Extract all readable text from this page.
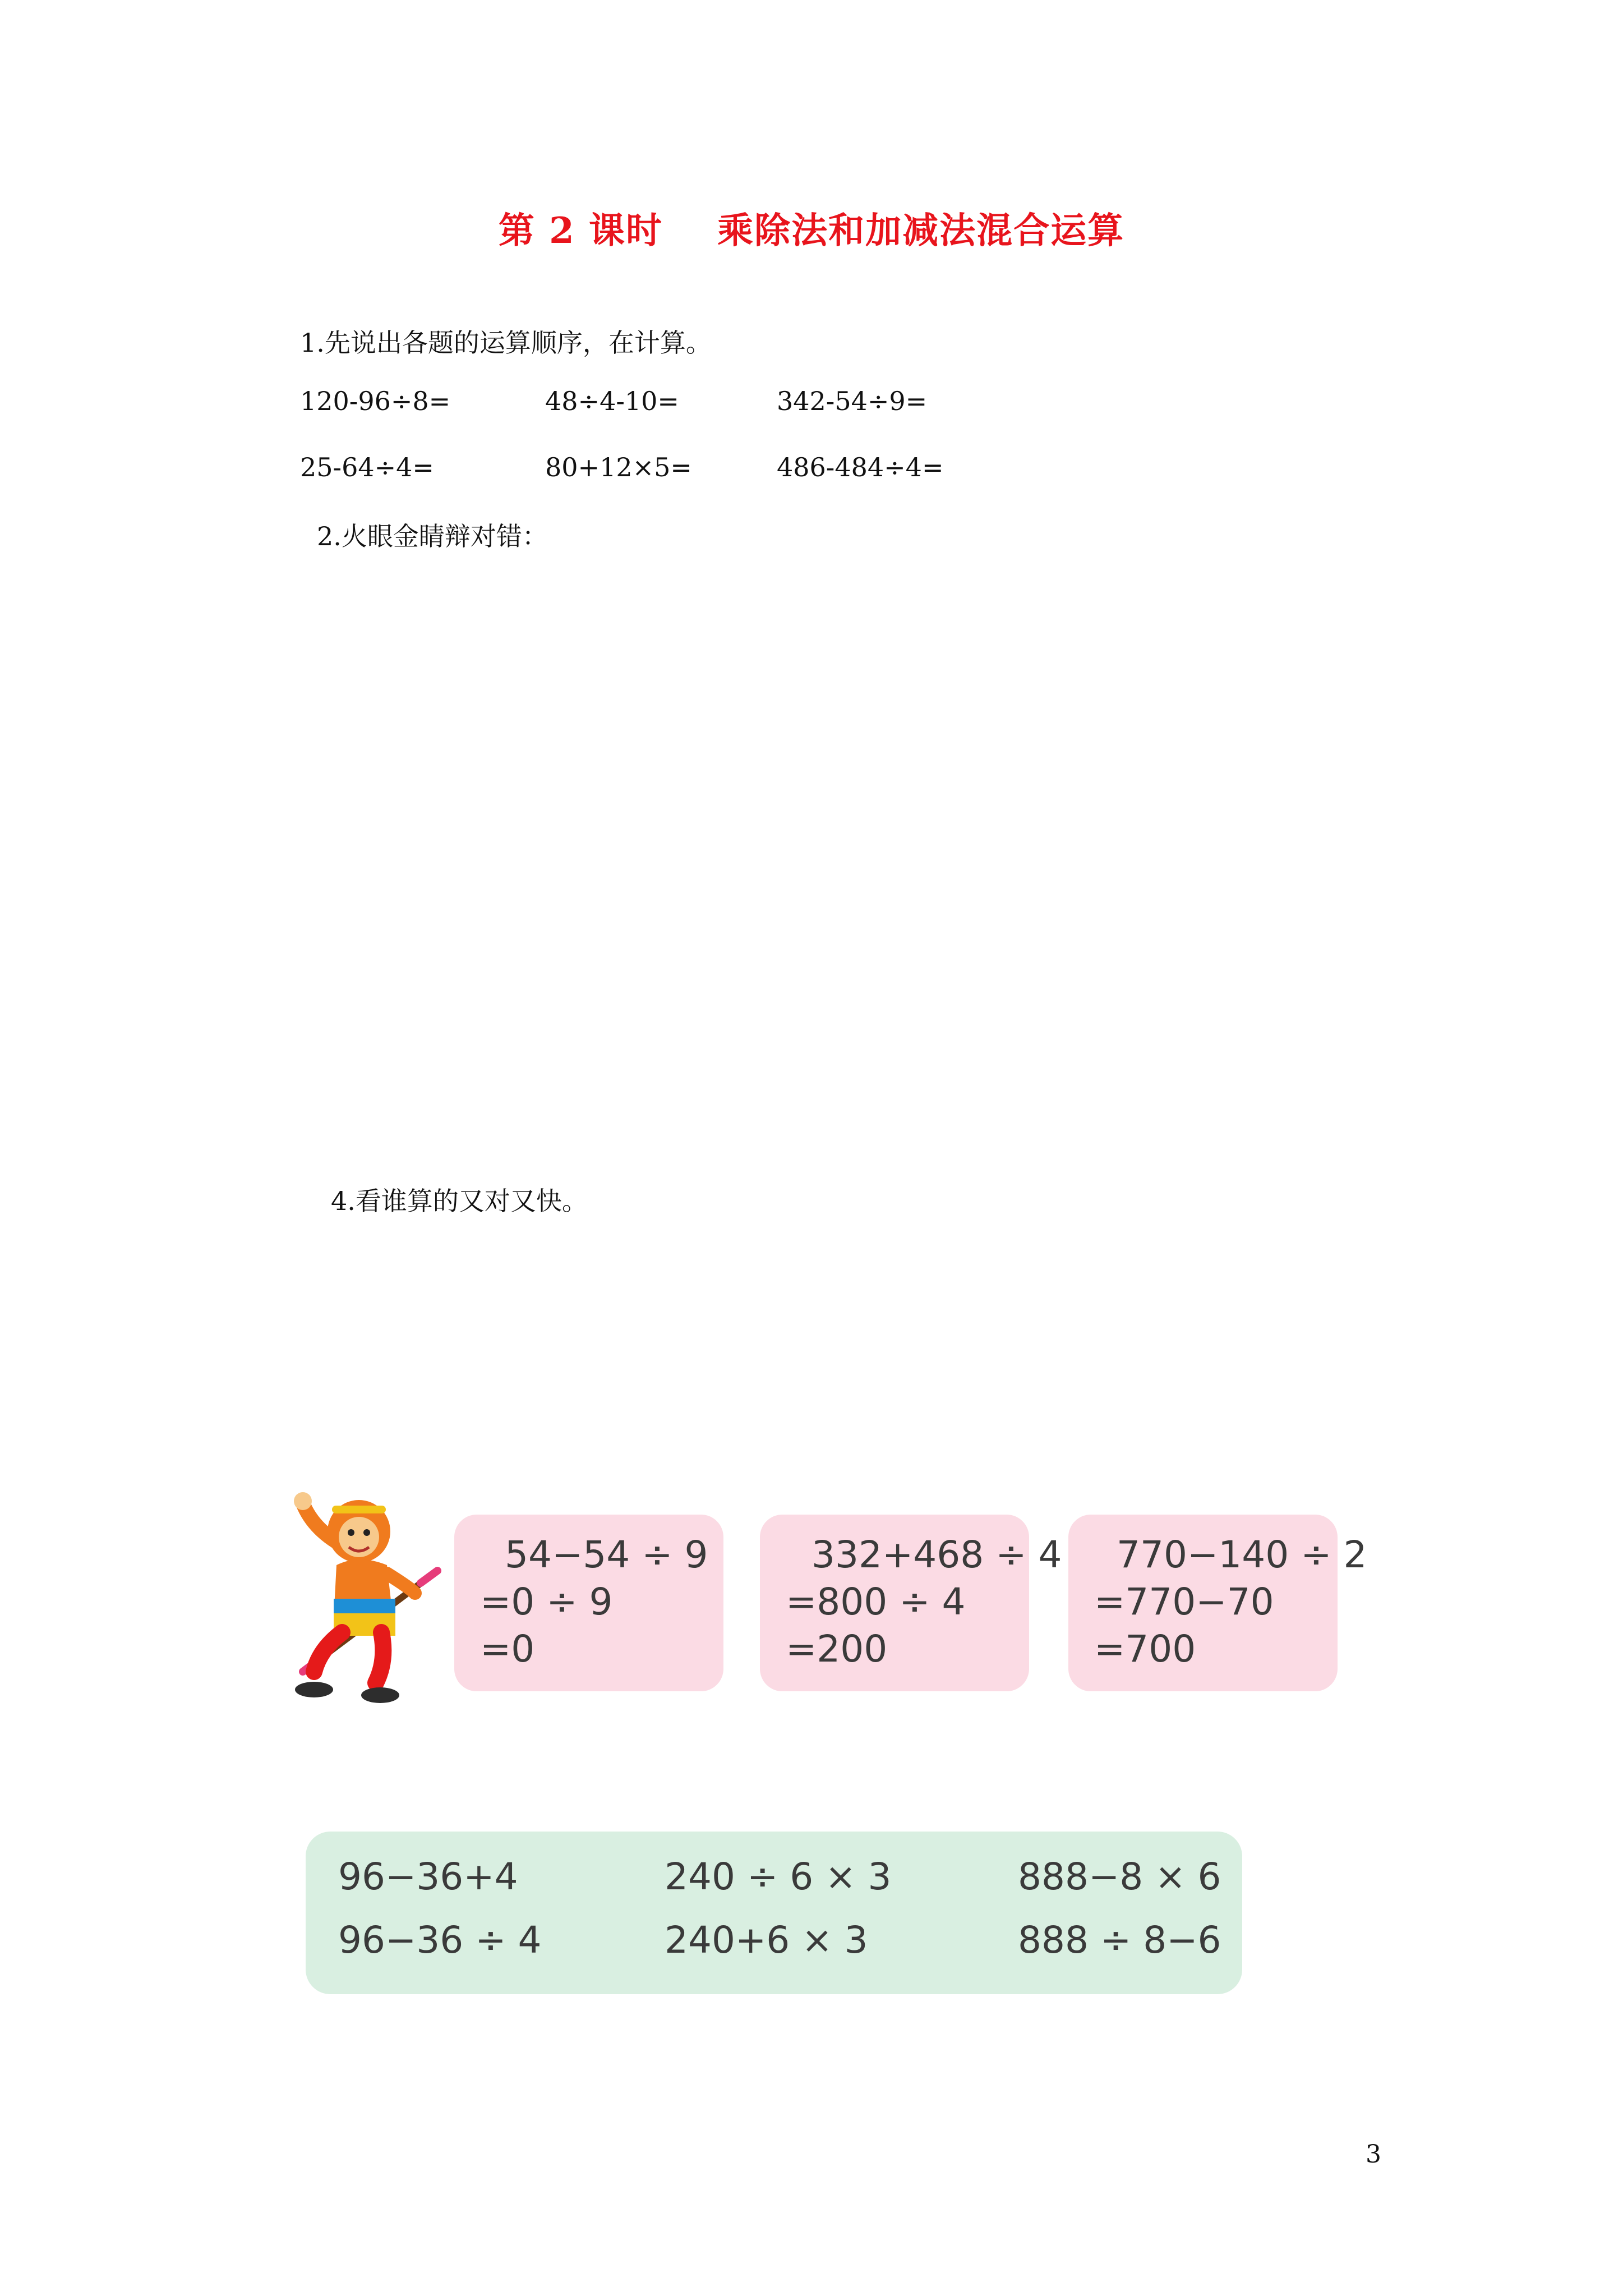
第 2 课时    乘除法和加减法混合运算
1.先说出各题的运算顺序，在计算。
120-96÷8=	48÷4-10=	342-54÷9=
25-64÷4=	80+12×5=	486-484÷4=
2.火眼金睛辩对错：
4.看谁算的又对又快。
54−54 ÷ 9
=0 ÷ 9
=0
332+468 ÷ 4
=800 ÷ 4
=200
770−140 ÷ 2
=770−70
=700
96−36+4	240 ÷ 6 × 3	888−8 × 6
96−36 ÷ 4	240+6 × 3	888 ÷ 8−6
3
